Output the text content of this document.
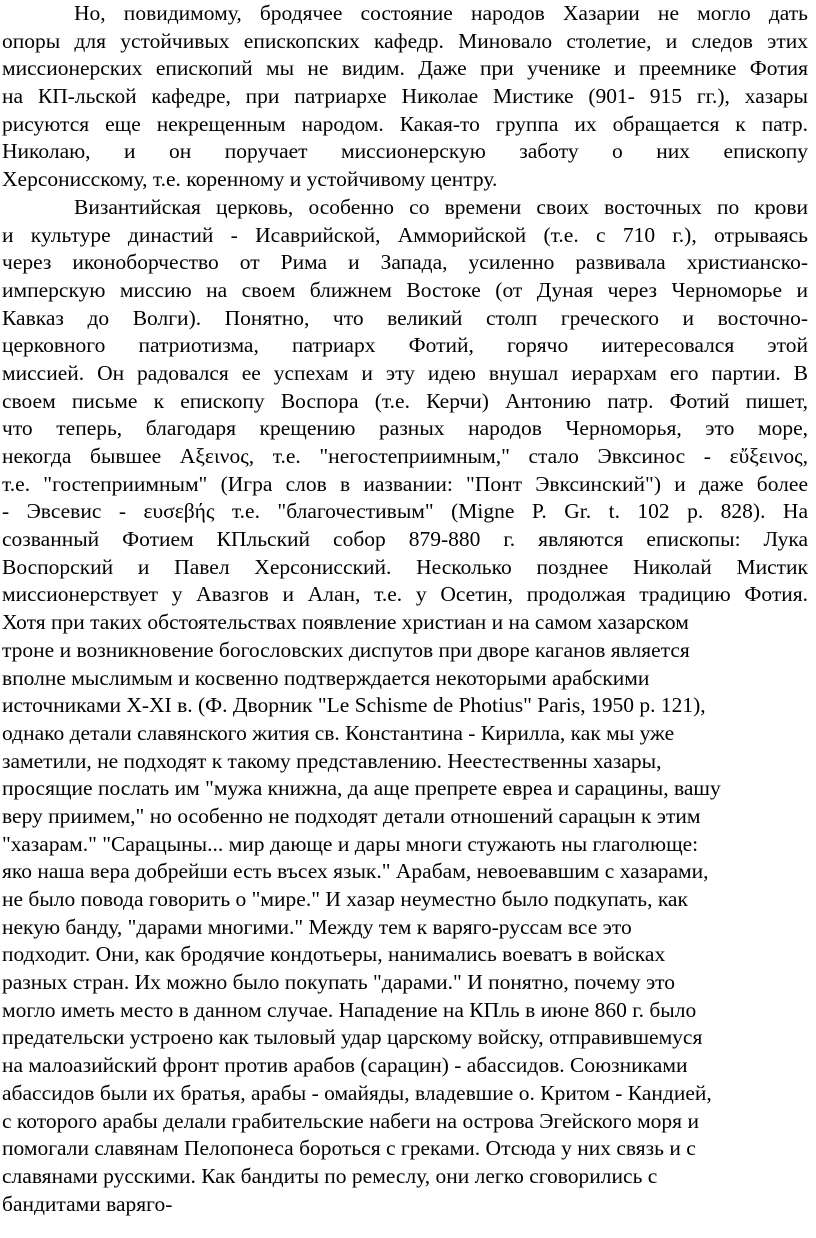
Но, повидимому, бродячее состояние народов Хазарии не могло дать
опоры для устойчивых епископских кафедр. Миновало столетие, и следов этих
миссионерских епископий мы не видим. Даже при ученике и преемнике Фотия
на КП-льской кафедре, при патриархе Николае Мистике (901- 915 гг.), хазары
рисуются еще некрещенным народом. Какая-то группа их обращается к патр.
Николаю, и он поручает миссионерскую заботу о них епископу
Херсонисскому, т.е. коренному и устойчивому центру.
Византийская церковь, особенно со времени своих восточных по крови
и культуре династий - Исаврийской, Амморийской (т.е. с 710 г.), отрываясь
через иконоборчество от Рима и Запада, усиленно развивала христианско-
имперскую миссию на своем ближнем Востоке (от Дуная через Черноморье и
Кавказ до Волги). Понятно, что великий столп греческого и восточно-
церковного патриотизма, патриарх Фотий, горячо иитересовался этой
миссией. Он радовался ее успехам и эту идею внушал иерархам его партии. В
своем письме к епископу Воспора (т.е. Керчи) Антонию патр. Фотий пишет,
что теперь, благодаря крещению разных народов Черноморья, это море,
некогда бывшее Αξεινος, т.е. "негостеприимным," стало Эвксинос - εὔξεινος,
т.е. "гостеприимным" (Игра слов в иазвании: "Понт Эвксинский") и даже более
- Эвсевис - ευσεβής т.е. "благочестивым" (Migne P. Gr. t. 102 p. 828). На
созванный Фотием КПльский собор 879-880 г. являются епископы: Лука
Воспорский и Павел Херсонисский. Несколько позднее Николай Мистик
миссионерствует у Авазгов и Алан, т.е. у Осетин, продолжая традицию Фотия.
Хотя при таких обстоятельствах появление христиан и на самом хазарском
троне и возникновение богословских диспутов при дворе каганов является
вполне мыслимым и косвенно подтверждается некоторыми арабскими
источниками X-XI в. (Ф. Дворник "Le Schisme de Photius" Paris, 1950 p. 121),
однако детали славянского жития св. Константина - Кирилла, как мы уже
заметили, не подходят к такому представлению. Неестественны хазары,
просящие послать им "мужа книжна, да аще препрете евреа и сарацины, вашу
веру приимем," но особенно не подходят детали отношений сарацын к этим
"хазарам." "Сарацыны... мир дающе и дары многи стужають ны глаголюще:
яко наша вера добрейши есть въсех язык." Арабам, невоевавшим с хазарами,
не было повода говорить о "мире." И хазар неуместно было подкупать, как
некую банду, "дарами многими." Между тем к варяго-руссам все это
подходит. Они, как бродячие кондотьеры, нанимались воеватъ в войсках
разных стран. Их можно было покупать "дарами." И понятно, почему это
могло иметь место в данном случае. Нападение на КПль в июне 860 г. было
предательски устроено как тыловый удар царскому войску, отправившемуся
на малоазийский фронт против арабов (сарацин) - абассидов. Союзниками
абассидов были их братья, арабы - омайяды, владевшие о. Критом - Кандией,
с которого арабы делали грабительские набеги на острова Эгейского моря и
помогали славянам Пелопонеса бороться с греками. Отсюда у них связь и с
славянами русскими. Как бандиты по ремеслу, они легко сговорились с
бандитами варяго-
